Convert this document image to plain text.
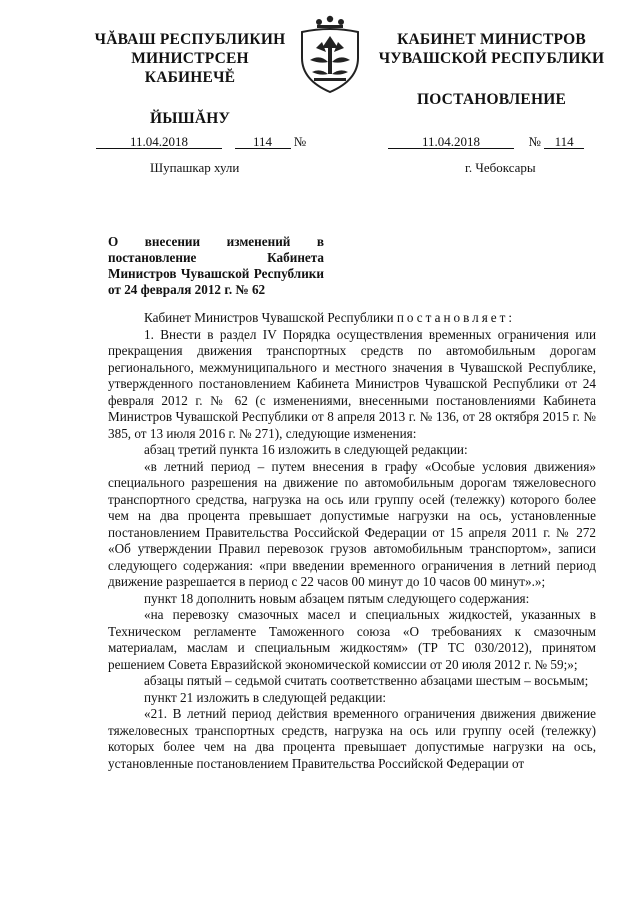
ЧĂВАШ РЕСПУБЛИКИН
МИНИСТРСЕН КАБИНЕЧĔ
ЙЫШĂНУ
КАБИНЕТ МИНИСТРОВ
ЧУВАШСКОЙ РЕСПУБЛИКИ
ПОСТАНОВЛЕНИЕ
11.04.2018	114 №	11.04.2018	№ 114
Шупашкар хули	г. Чебоксары
О внесении изменений в постановление Кабинета Министров Чувашской Республики от 24 февраля 2012 г. № 62

Кабинет Министров Чувашской Республики постановляет:

1. Внести в раздел IV Порядка осуществления временных ограничения или прекращения движения транспортных средств по автомобильным дорогам регионального, межмуниципального и местного значения в Чувашской Республике, утвержденного постановлением Кабинета Министров Чувашской Республики от 24 февраля 2012 г. № 62 (с изменениями, внесенными постановлениями Кабинета Министров Чувашской Республики от 8 апреля 2013 г. № 136, от 28 октября 2015 г. № 385, от 13 июля 2016 г. № 271), следующие изменения:

абзац третий пункта 16 изложить в следующей редакции:

«в летний период – путем внесения в графу «Особые условия движения» специального разрешения на движение по автомобильным дорогам тяжеловесного транспортного средства, нагрузка на ось или группу осей (тележку) которого более чем на два процента превышает допустимые нагрузки на ось, установленные постановлением Правительства Российской Федерации от 15 апреля 2011 г. № 272 «Об утверждении Правил перевозок грузов автомобильным транспортом», записи следующего содержания: «при введении временного ограничения в летний период движение разрешается в период с 22 часов 00 минут до 10 часов 00 минут».»;

пункт 18 дополнить новым абзацем пятым следующего содержания:

«на перевозку смазочных масел и специальных жидкостей, указанных в Техническом регламенте Таможенного союза «О требованиях к смазочным материалам, маслам и специальным жидкостям» (ТР ТС 030/2012), принятом решением Совета Евразийской экономической комиссии от 20 июля 2012 г. № 59;»;

абзацы пятый – седьмой считать соответственно абзацами шестым – восьмым;

пункт 21 изложить в следующей редакции:

«21. В летний период действия временного ограничения движения движение тяжеловесных транспортных средств, нагрузка на ось или группу осей (тележку) которых более чем на два процента превышает допустимые нагрузки на ось, установленные постановлением Правительства Российской Федерации от
